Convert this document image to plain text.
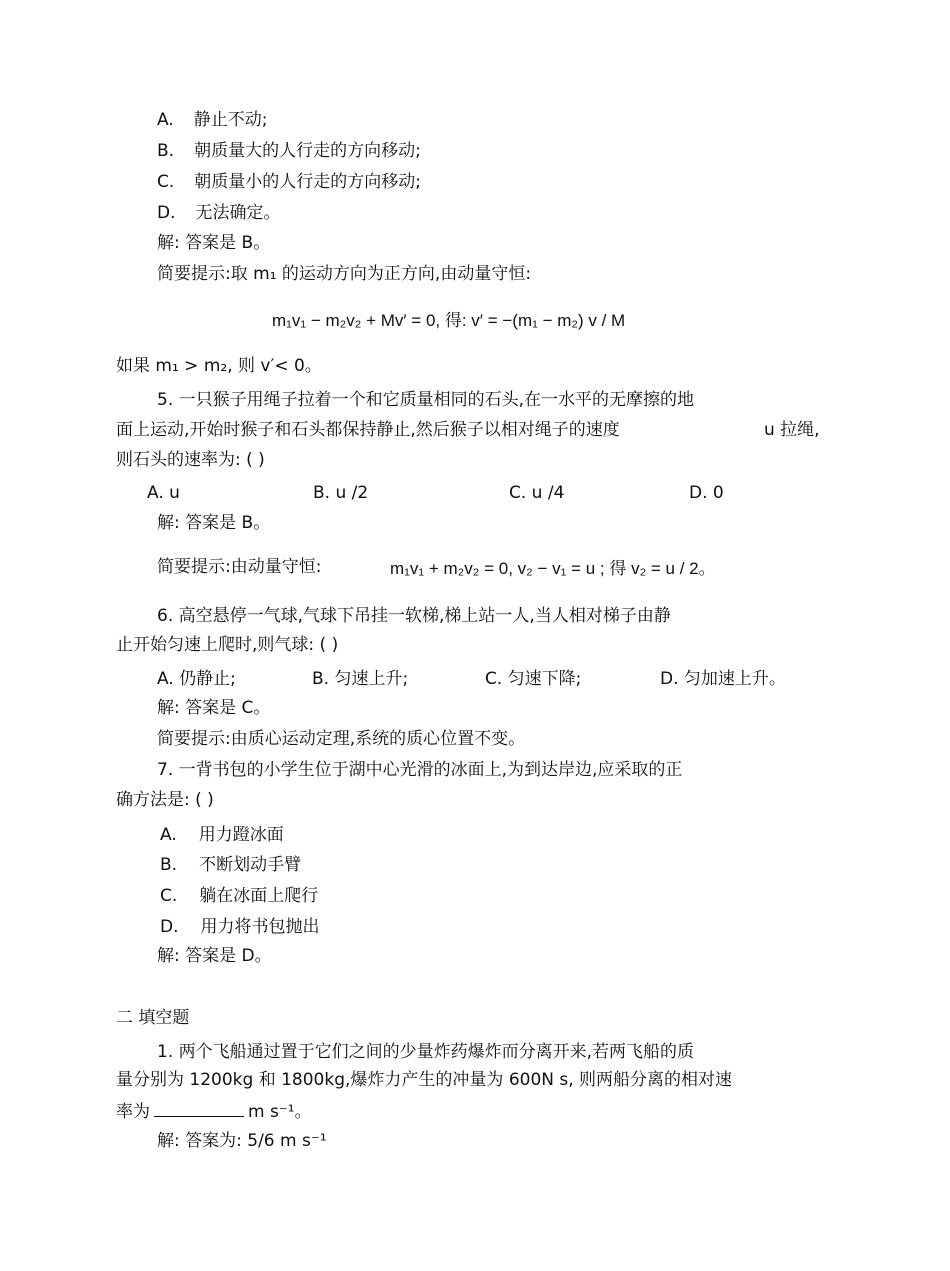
A. 静止不动;
B. 朝质量大的人行走的方向移动;
C. 朝质量小的人行走的方向移动;
D. 无法确定。
解: 答案是 B。
简要提示:取 m₁ 的运动方向为正方向,由动量守恒:
m₁v₁ − m₂v₂ + Mv′ = 0, 得: v′ = −(m₁ − m₂) v / M
如果 m₁ > m₂, 则 v′< 0。
5. 一只猴子用绳子拉着一个和它质量相同的石头,在一水平的无摩擦的地
面上运动,开始时猴子和石头都保持静止,然后猴子以相对绳子的速度	u 拉绳,
则石头的速率为: ( )
A. u	B. u /2	C. u /4	D. 0
解: 答案是 B。
简要提示:由动量守恒:	m₁v₁ + m₂v₂ = 0, v₂ − v₁ = u ; 得 v₂ = u / 2。
6. 高空悬停一气球,气球下吊挂一软梯,梯上站一人,当人相对梯子由静
止开始匀速上爬时,则气球: ( )
A. 仍静止;	B. 匀速上升;	C. 匀速下降;	D. 匀加速上升。
解: 答案是 C。
简要提示:由质心运动定理,系统的质心位置不变。
7. 一背书包的小学生位于湖中心光滑的冰面上,为到达岸边,应采取的正
确方法是: ( )
A. 用力蹬冰面
B. 不断划动手臂
C. 躺在冰面上爬行
D. 用力将书包抛出
解: 答案是 D。
二 填空题
1. 两个飞船通过置于它们之间的少量炸药爆炸而分离开来,若两飞船的质
量分别为 1200kg 和 1800kg,爆炸力产生的冲量为 600N s, 则两船分离的相对速
率为	m s⁻¹。
解: 答案为: 5/6 m s⁻¹
